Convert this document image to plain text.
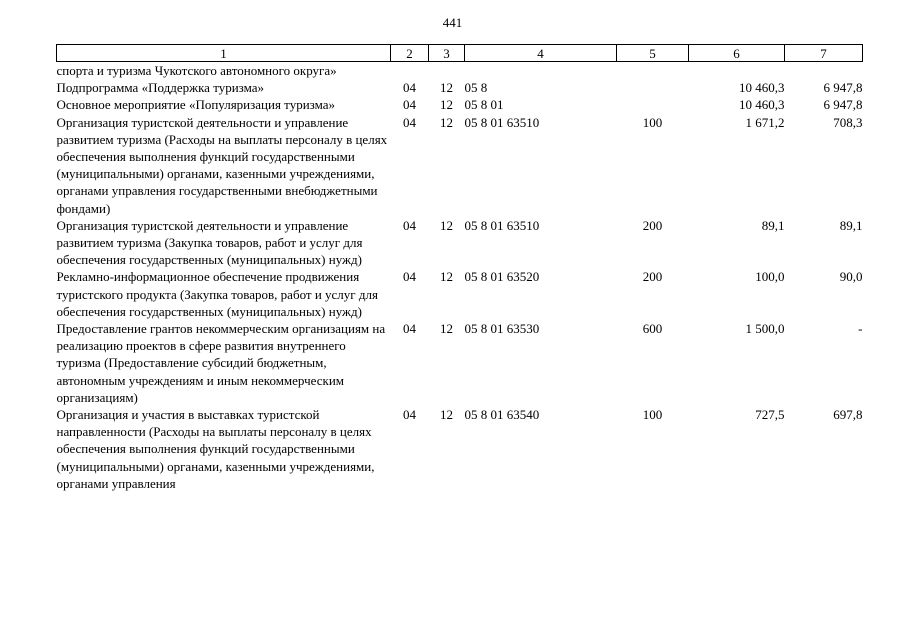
441
1	2	3	4	5	6	7
спорта и туризма Чукотского автономного округа»						
Подпрограмма «Поддержка туризма»	04	12	05 8		10 460,3	6 947,8
Основное мероприятие «Популяризация туризма»	04	12	05 8 01		10 460,3	6 947,8
Организация туристской деятельности и управление развитием туризма (Расходы на выплаты персоналу в целях обеспечения выполнения функций государственными (муниципальными) органами, казенными учреждениями, органами управления государственными внебюджетными фондами)	04	12	05 8 01 63510	100	1 671,2	708,3
Организация туристской деятельности и управление развитием туризма (Закупка товаров, работ и услуг для обеспечения государственных (муниципальных) нужд)	04	12	05 8 01 63510	200	89,1	89,1
Рекламно-информационное обеспечение продвижения туристского продукта (Закупка товаров, работ и услуг для обеспечения государственных (муниципальных) нужд)	04	12	05 8 01 63520	200	100,0	90,0
Предоставление грантов некоммерческим организациям на реализацию проектов в сфере развития внутреннего туризма (Предоставление субсидий бюджетным, автономным учреждениям и иным некоммерческим организациям)	04	12	05 8 01 63530	600	1 500,0	-
Организация и участия в выставках туристской направленности (Расходы на выплаты персоналу в целях обеспечения выполнения функций государственными (муниципальными) органами, казенными учреждениями, органами управления	04	12	05 8 01 63540	100	727,5	697,8
